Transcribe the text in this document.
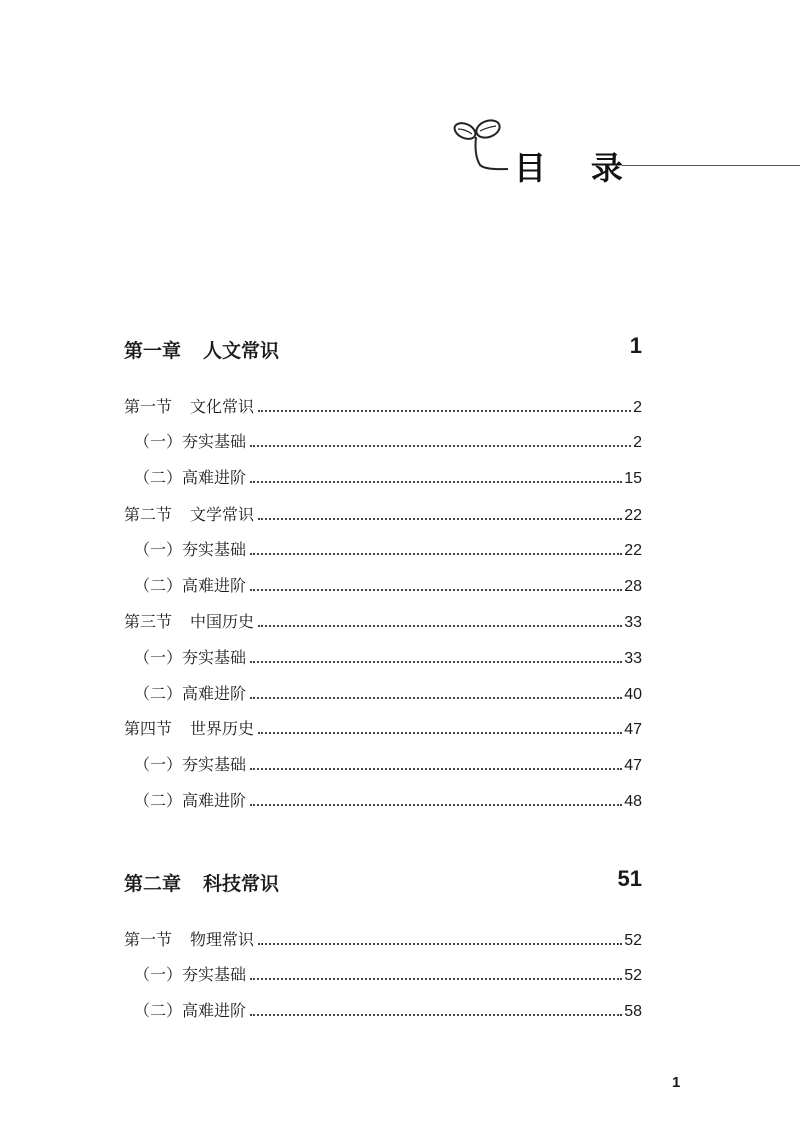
目 录
第一章 人文常识	1
第一节 文化常识	2
（一）夯实基础	2
（二）高难进阶	15
第二节 文学常识	22
（一）夯实基础	22
（二）高难进阶	28
第三节 中国历史	33
（一）夯实基础	33
（二）高难进阶	40
第四节 世界历史	47
（一）夯实基础	47
（二）高难进阶	48
第二章 科技常识	51
第一节 物理常识	52
（一）夯实基础	52
（二）高难进阶	58
1
